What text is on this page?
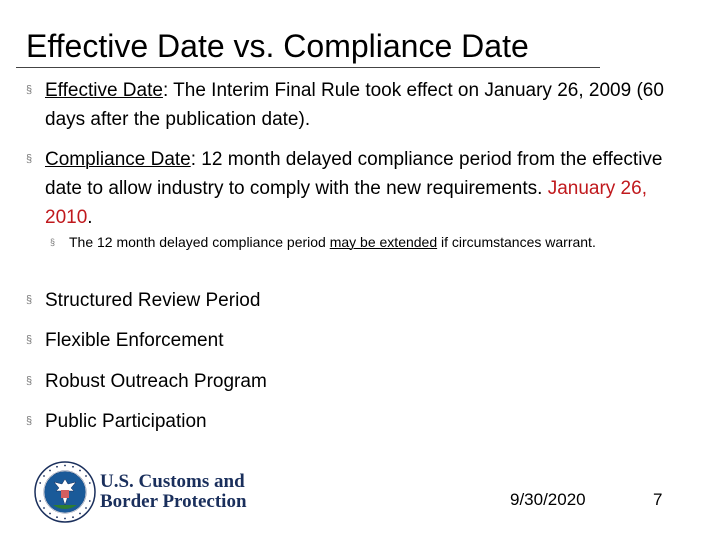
Effective Date vs. Compliance Date
§ Effective Date: The Interim Final Rule took effect on January 26, 2009 (60 days after the publication date).
§ Compliance Date: 12 month delayed compliance period from the effective date to allow industry to comply with the new requirements. January 26, 2010.
§ The 12 month delayed compliance period may be extended if circumstances warrant.
§ Structured Review Period
§ Flexible Enforcement
§ Robust Outreach Program
§ Public Participation
U.S. Customs and
Border Protection	9/30/2020	7
